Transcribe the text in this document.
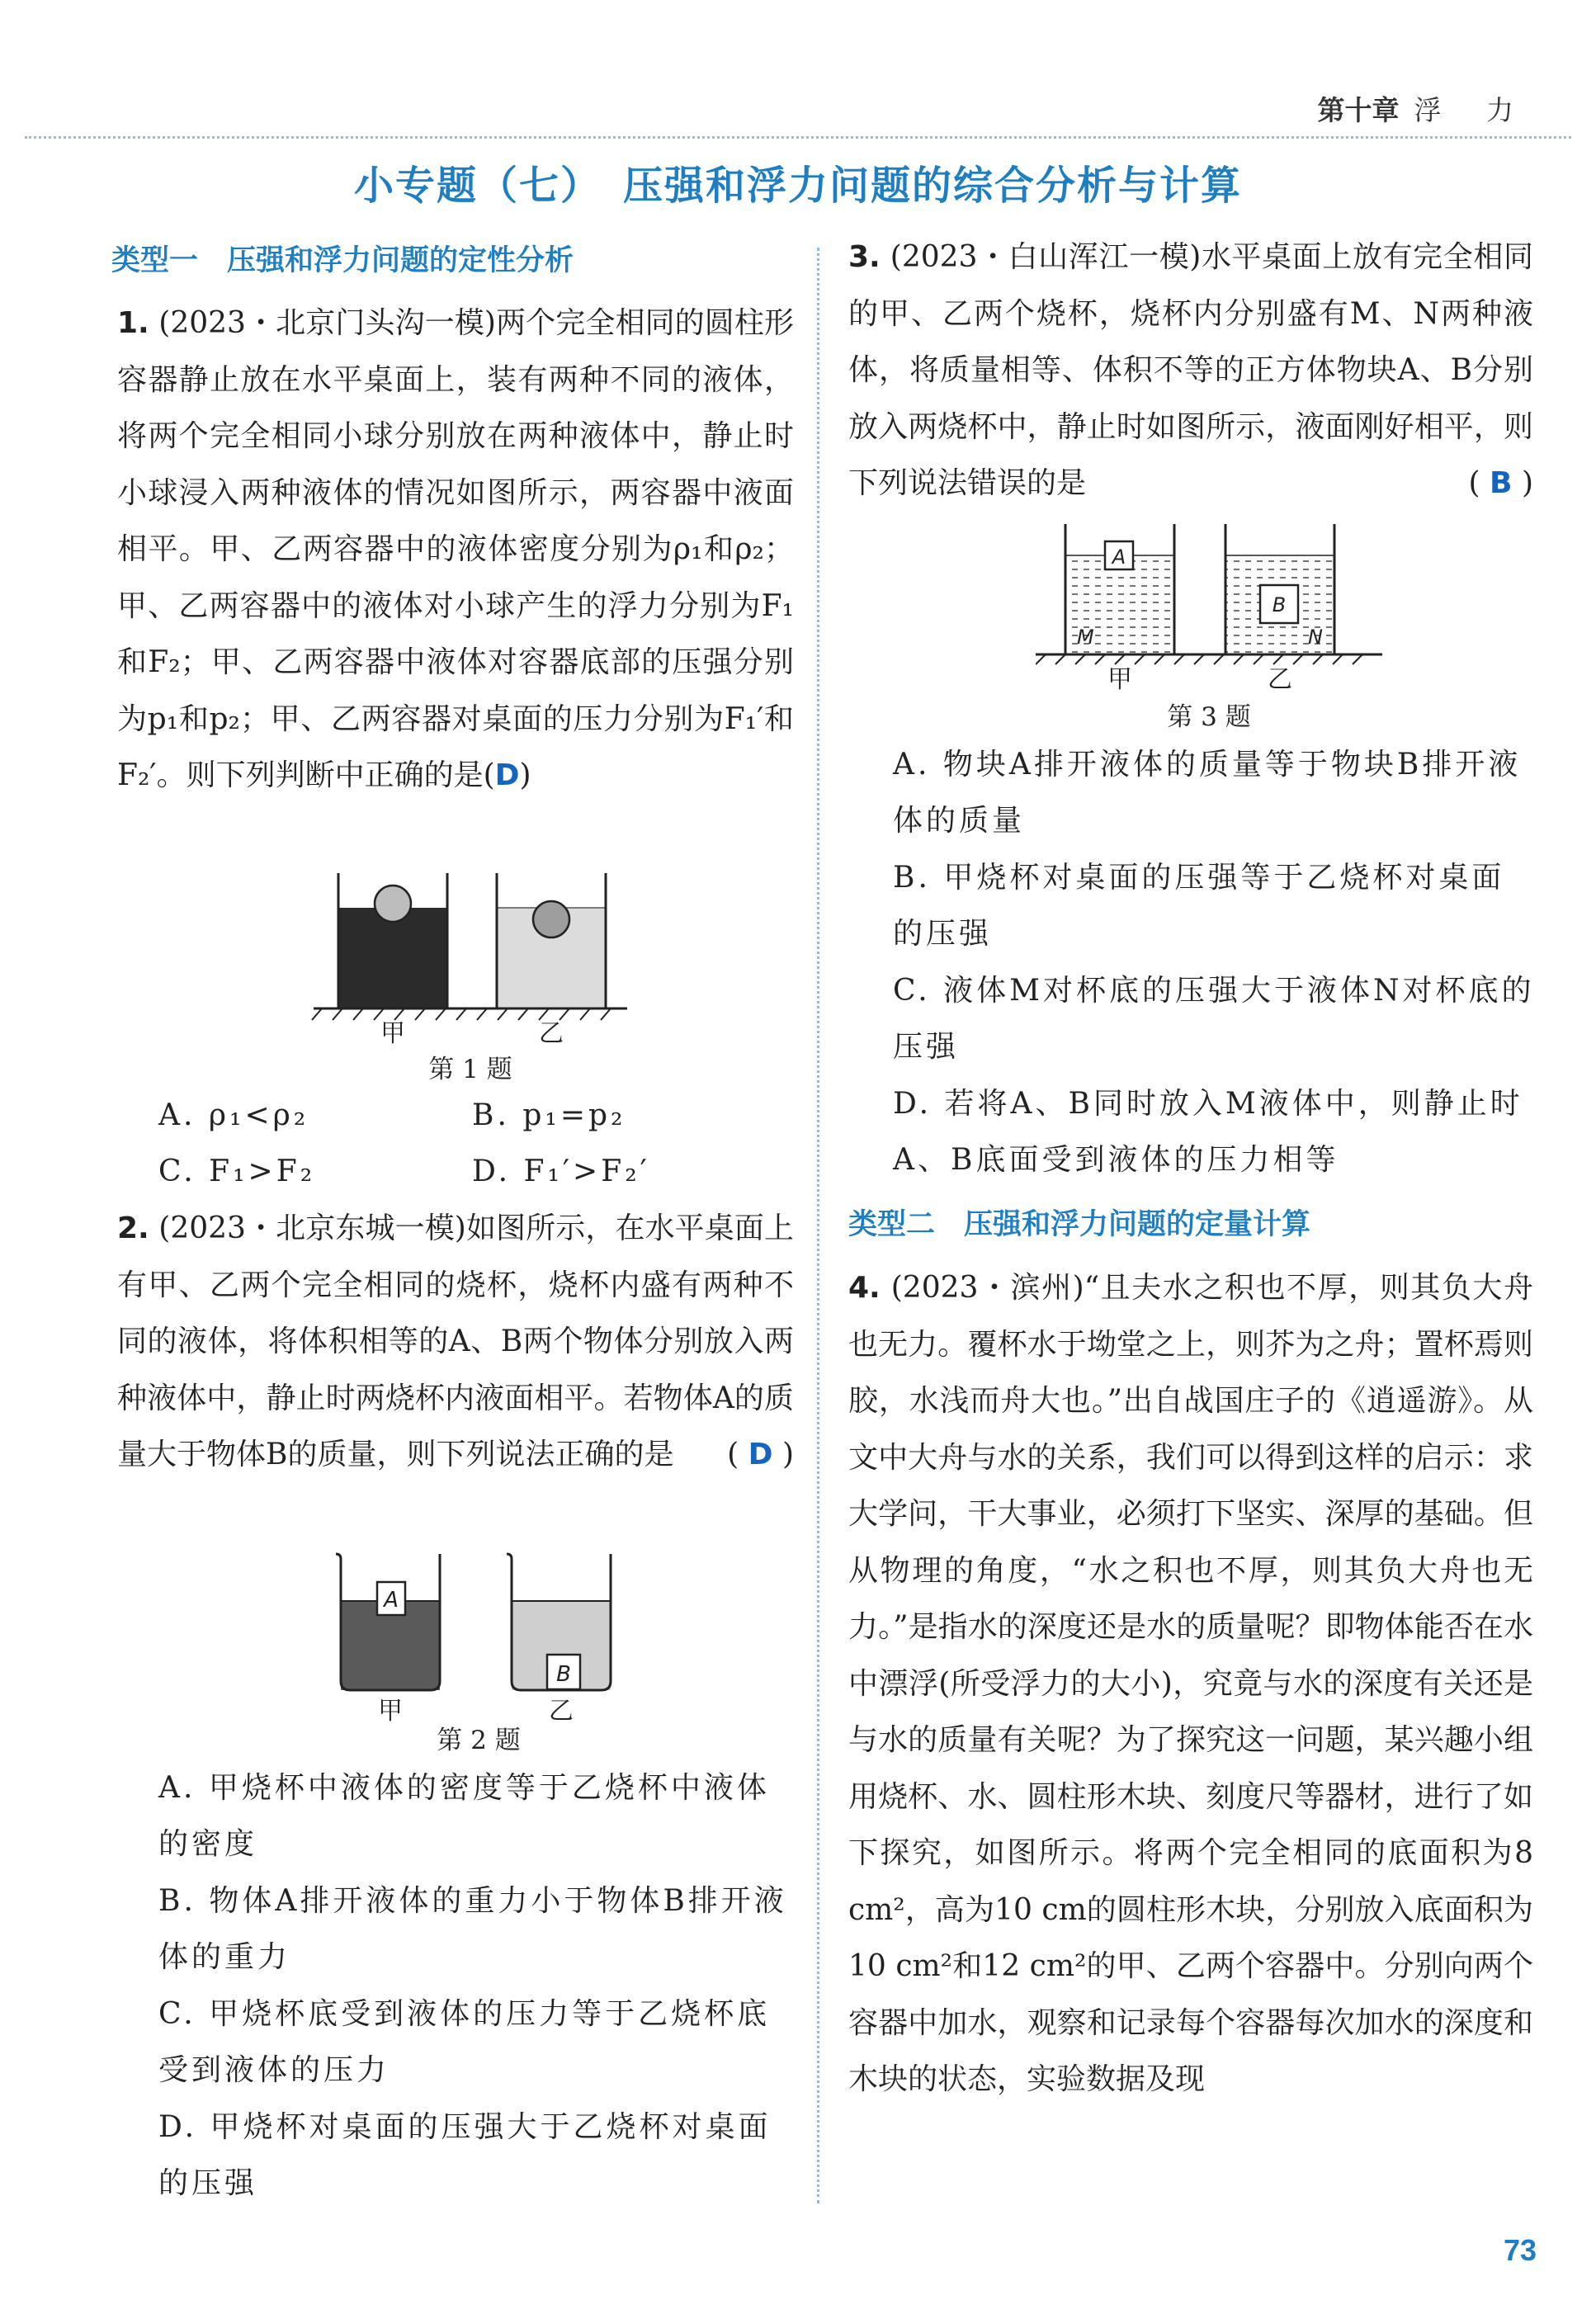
第十章 浮 力
小专题（七）　压强和浮力问题的综合分析与计算
类型一　压强和浮力问题的定性分析
1. (2023・北京门头沟一模)两个完全相同的圆柱形容器静止放在水平桌面上，装有两种不同的液体，将两个完全相同小球分别放在两种液体中，静止时小球浸入两种液体的情况如图所示，两容器中液面相平。甲、乙两容器中的液体密度分别为ρ₁和ρ₂；甲、乙两容器中的液体对小球产生的浮力分别为F₁和F₂；甲、乙两容器中液体对容器底部的压强分别为p₁和p₂；甲、乙两容器对桌面的压力分别为F₁′和F₂′。则下列判断中正确的是(D)
甲	乙
第 1 题
A. ρ₁<ρ₂	B. p₁=p₂
C. F₁>F₂	D. F₁′>F₂′
2. (2023・北京东城一模)如图所示，在水平桌面上有甲、乙两个完全相同的烧杯，烧杯内盛有两种不同的液体，将体积相等的A、B两个物体分别放入两种液体中，静止时两烧杯内液面相平。若物体A的质量大于物体B的质量，则下列说法正确的是 ( D )
A
B
甲	乙
第 2 题
A. 甲烧杯中液体的密度等于乙烧杯中液体的密度
B. 物体A排开液体的重力小于物体B排开液体的重力
C. 甲烧杯底受到液体的压力等于乙烧杯底受到液体的压力
D. 甲烧杯对桌面的压强大于乙烧杯对桌面的压强
3. (2023・白山浑江一模)水平桌面上放有完全相同的甲、乙两个烧杯，烧杯内分别盛有M、N两种液体，将质量相等、体积不等的正方体物块A、B分别放入两烧杯中，静止时如图所示，液面刚好相平，则下列说法错误的是	( B )
A
M
B
N
甲	乙
第 3 题
A. 物块A排开液体的质量等于物块B排开液体的质量
B. 甲烧杯对桌面的压强等于乙烧杯对桌面的压强
C. 液体M对杯底的压强大于液体N对杯底的压强
D. 若将A、B同时放入M液体中，则静止时A、B底面受到液体的压力相等
类型二　压强和浮力问题的定量计算
4. (2023・滨州)“且夫水之积也不厚，则其负大舟也无力。覆杯水于坳堂之上，则芥为之舟；置杯焉则胶，水浅而舟大也。”出自战国庄子的《逍遥游》。从文中大舟与水的关系，我们可以得到这样的启示：求大学问，干大事业，必须打下坚实、深厚的基础。但从物理的角度，“水之积也不厚，则其负大舟也无力。”是指水的深度还是水的质量呢？即物体能否在水中漂浮(所受浮力的大小)，究竟与水的深度有关还是与水的质量有关呢？为了探究这一问题，某兴趣小组用烧杯、水、圆柱形木块、刻度尺等器材，进行了如下探究，如图所示。将两个完全相同的底面积为8 cm²，高为10 cm的圆柱形木块，分别放入底面积为10 cm²和12 cm²的甲、乙两个容器中。分别向两个容器中加水，观察和记录每个容器每次加水的深度和木块的状态，实验数据及现
73
